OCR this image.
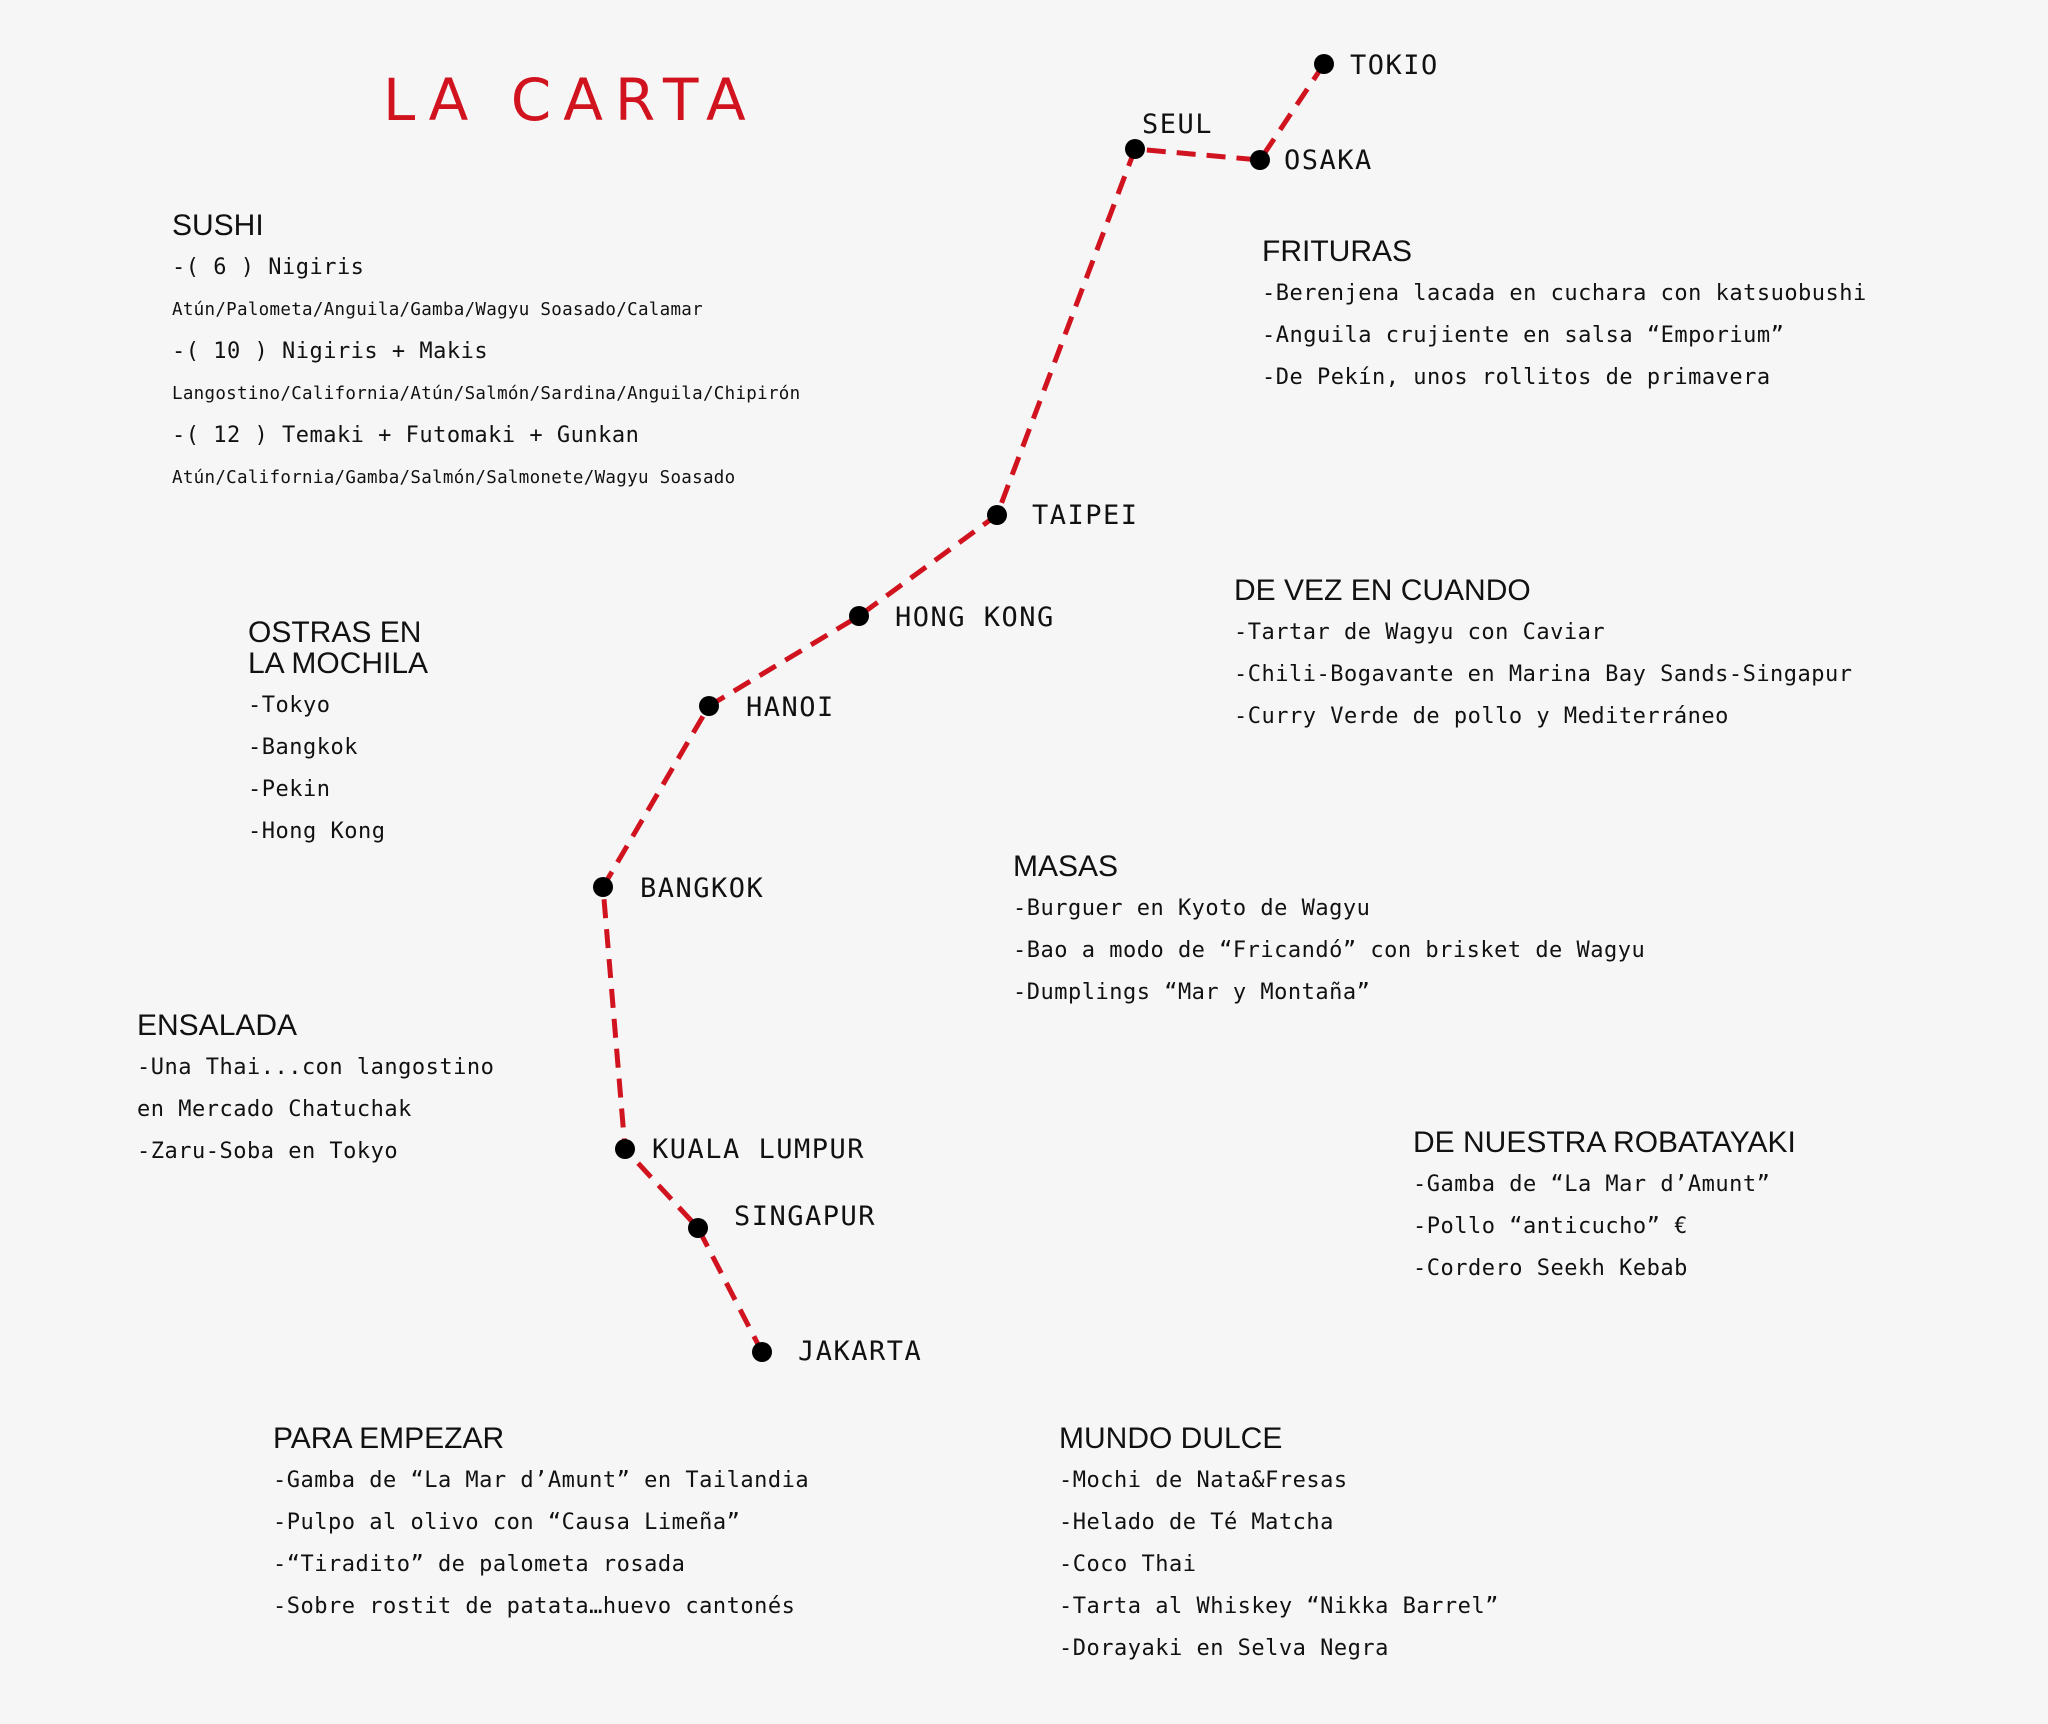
LA CARTA
TOKIO
OSAKA
SEUL
TAIPEI
HONG KONG
HANOI
BANGKOK
KUALA LUMPUR
SINGAPUR
JAKARTA
SUSHI
-( 6 ) Nigiris
Atún/Palometa/Anguila/Gamba/Wagyu Soasado/Calamar
-( 10 ) Nigiris + Makis
Langostino/California/Atún/Salmón/Sardina/Anguila/Chipirón
-( 12 ) Temaki + Futomaki + Gunkan
Atún/California/Gamba/Salmón/Salmonete/Wagyu Soasado
FRITURAS
-Berenjena lacada en cuchara con katsuobushi
-Anguila crujiente en salsa “Emporium”
-De Pekín, unos rollitos de primavera
OSTRAS EN LA MOCHILA
-Tokyo
-Bangkok
-Pekin
-Hong Kong
DE VEZ EN CUANDO
-Tartar de Wagyu con Caviar
-Chili-Bogavante en Marina Bay Sands-Singapur
-Curry Verde de pollo y Mediterráneo
MASAS
-Burguer en Kyoto de Wagyu
-Bao a modo de “Fricandó” con brisket de Wagyu
-Dumplings “Mar y Montaña”
ENSALADA
-Una Thai...con langostino
en Mercado Chatuchak
-Zaru-Soba en Tokyo	DE NUESTRA ROBATAYAKI
-Gamba de “La Mar d’Amunt”
-Pollo “anticucho” €
-Cordero Seekh Kebab
PARA EMPEZAR
-Gamba de “La Mar d’Amunt” en Tailandia
-Pulpo al olivo con “Causa Limeña”
-“Tiradito” de palometa rosada
-Sobre rostit de patata…huevo cantonés
MUNDO DULCE
-Mochi de Nata&Fresas
-Helado de Té Matcha
-Coco Thai
-Tarta al Whiskey “Nikka Barrel”
-Dorayaki en Selva Negra
